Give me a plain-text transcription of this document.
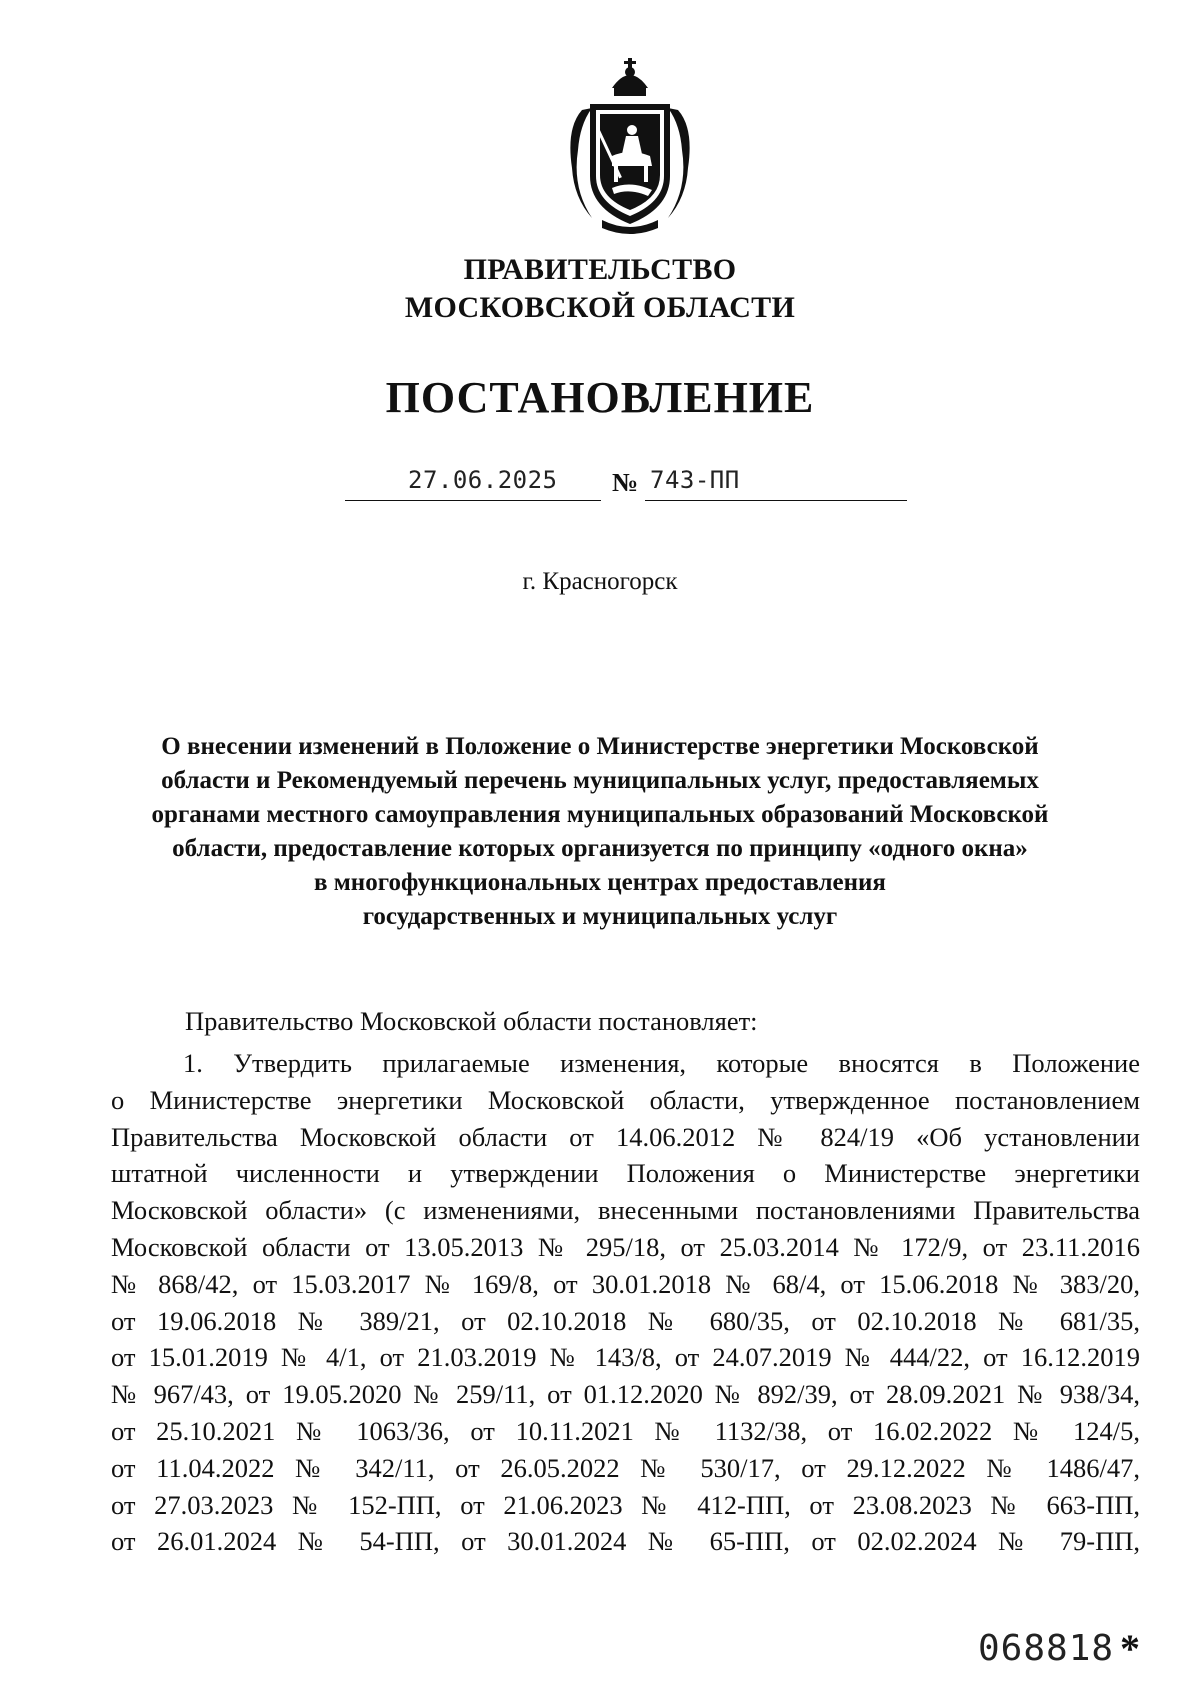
ПРАВИТЕЛЬСТВО
МОСКОВСКОЙ ОБЛАСТИ
ПОСТАНОВЛЕНИЕ
27.06.2025 № 743-ПП
г. Красногорск
О внесении изменений в Положение о Министерстве энергетики Московской
области и Рекомендуемый перечень муниципальных услуг, предоставляемых
органами местного самоуправления муниципальных образований Московской
области, предоставление которых организуется по принципу «одного окна»
в многофункциональных центрах предоставления
государственных и муниципальных услуг
Правительство Московской области постановляет:
1. Утвердить прилагаемые изменения, которые вносятся в Положение
о Министерстве энергетики Московской области, утвержденное постановлением
Правительства Московской области от 14.06.2012 № 824/19 «Об установлении
штатной численности и утверждении Положения о Министерстве энергетики
Московской области» (с изменениями, внесенными постановлениями Правительства
Московской области от 13.05.2013 № 295/18, от 25.03.2014 № 172/9, от 23.11.2016
№ 868/42, от 15.03.2017 № 169/8, от 30.01.2018 № 68/4, от 15.06.2018 № 383/20,
от 19.06.2018 № 389/21, от 02.10.2018 № 680/35, от 02.10.2018 № 681/35,
от 15.01.2019 № 4/1, от 21.03.2019 № 143/8, от 24.07.2019 № 444/22, от 16.12.2019
№ 967/43, от 19.05.2020 № 259/11, от 01.12.2020 № 892/39, от 28.09.2021 № 938/34,
от 25.10.2021 № 1063/36, от 10.11.2021 № 1132/38, от 16.02.2022 № 124/5,
от 11.04.2022 № 342/11, от 26.05.2022 № 530/17, от 29.12.2022 № 1486/47,
от 27.03.2023 № 152-ПП, от 21.06.2023 № 412-ПП, от 23.08.2023 № 663-ПП,
от 26.01.2024 № 54-ПП, от 30.01.2024 № 65-ПП, от 02.02.2024 № 79-ПП,
068818 *
